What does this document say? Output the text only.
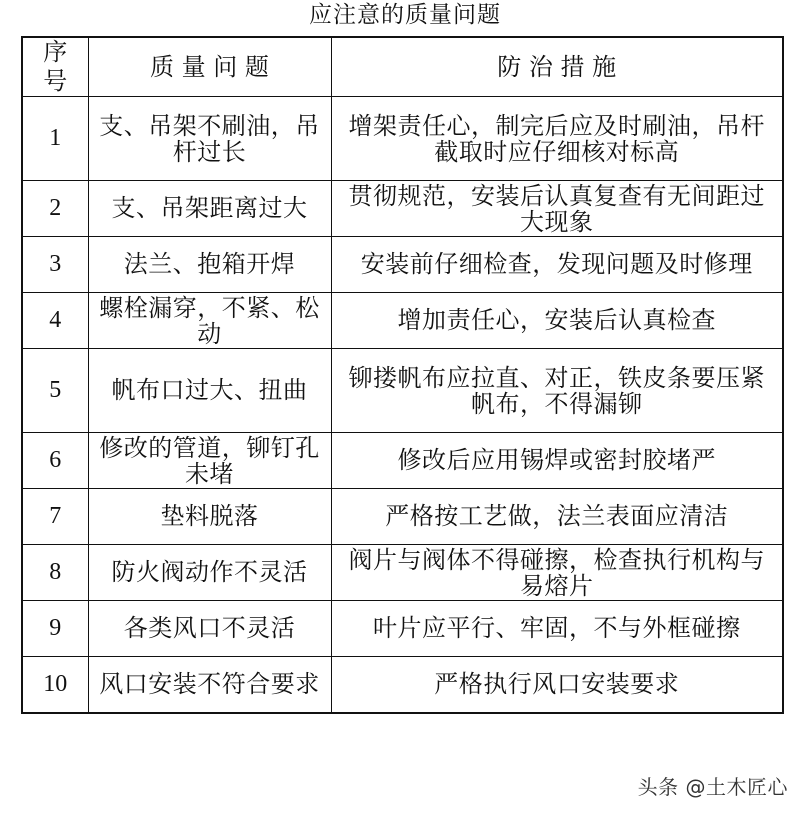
应注意的质量问题
序号	质 量 问 题	防 治 措 施
1	支、吊架不刷油，吊杆过长	增架责任心，制完后应及时刷油，吊杆截取时应仔细核对标高
2	支、吊架距离过大	贯彻规范，安装后认真复查有无间距过大现象
3	法兰、抱箱开焊	安装前仔细检查，发现问题及时修理
4	螺栓漏穿，不紧、松动	增加责任心，安装后认真检查
5	帆布口过大、扭曲	铆搂帆布应拉直、对正，铁皮条要压紧帆布，不得漏铆
6	修改的管道，铆钉孔未堵	修改后应用锡焊或密封胶堵严
7	垫料脱落	严格按工艺做，法兰表面应清洁
8	防火阀动作不灵活	阀片与阀体不得碰擦，检查执行机构与易熔片
9	各类风口不灵活	叶片应平行、牢固，不与外框碰擦
10	风口安装不符合要求	严格执行风口安装要求
头条 @土木匠心
